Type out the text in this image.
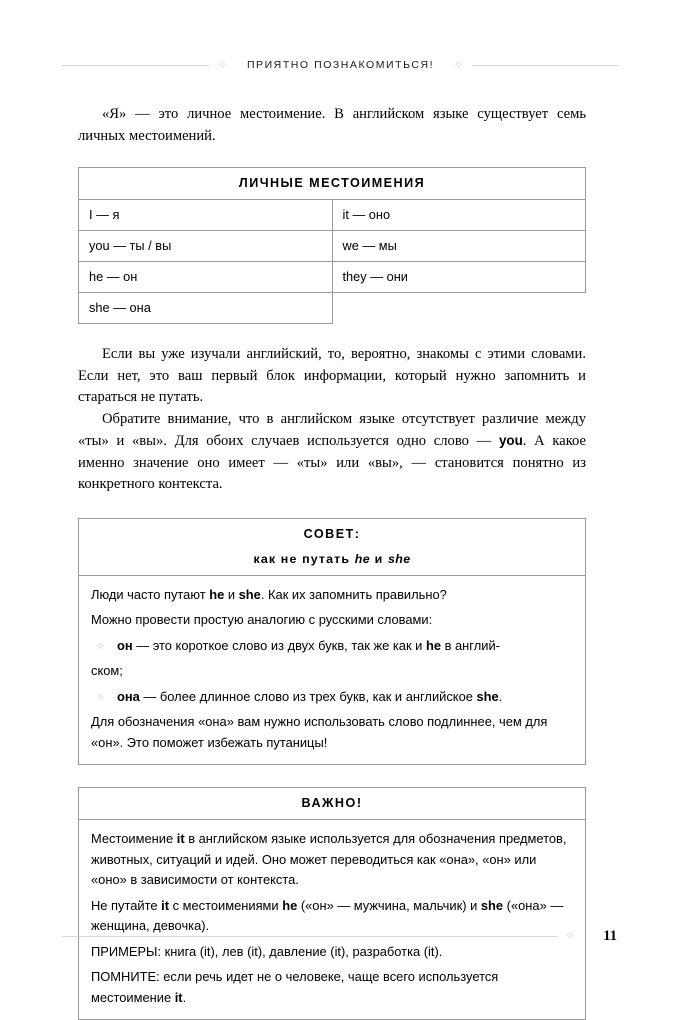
✧	ПРИЯТНО ПОЗНАКОМИТЬСЯ!	✧

«Я» — это личное местоимение. В английском языке существует семь личных местоимений.

ЛИЧНЫЕ МЕСТОИМЕНИЯ	
I — я	it — оно
you — ты / вы	we — мы
he — он	they — они
she — она	

Если вы уже изучали английский, то, вероятно, знакомы с этими словами. Если нет, это ваш первый блок информации, который нужно запомнить и стараться не путать.

Обратите внимание, что в английском языке отсутствует различие между «ты» и «вы». Для обоих случаев используется одно слово — you. А какое именно значение оно имеет — «ты» или «вы», — становится понятно из конкретного контекста.

СОВЕТ:
как не путать he и she

Люди часто путают he и she. Как их запомнить правильно?

Можно провести простую аналогию с русскими словами:

✧ он — это короткое слово из двух букв, так же как и he в англий-

ском;

✧ она — более длинное слово из трех букв, как и английское she.

Для обозначения «она» вам нужно использовать слово подлиннее, чем для «он». Это поможет избежать путаницы!

ВАЖНО!

Местоимение it в английском языке используется для обозначения предметов, животных, ситуаций и идей. Оно может переводиться как «она», «он» или «оно» в зависимости от контекста.

Не путайте it с местоимениями he («он» — мужчина, мальчик) и she («она» — женщина, девочка).

ПРИМЕРЫ: книга (it), лев (it), давление (it), разработка (it).

ПОМНИТЕ: если речь идет не о человеке, чаще всего используется местоимение it.

✧	11
